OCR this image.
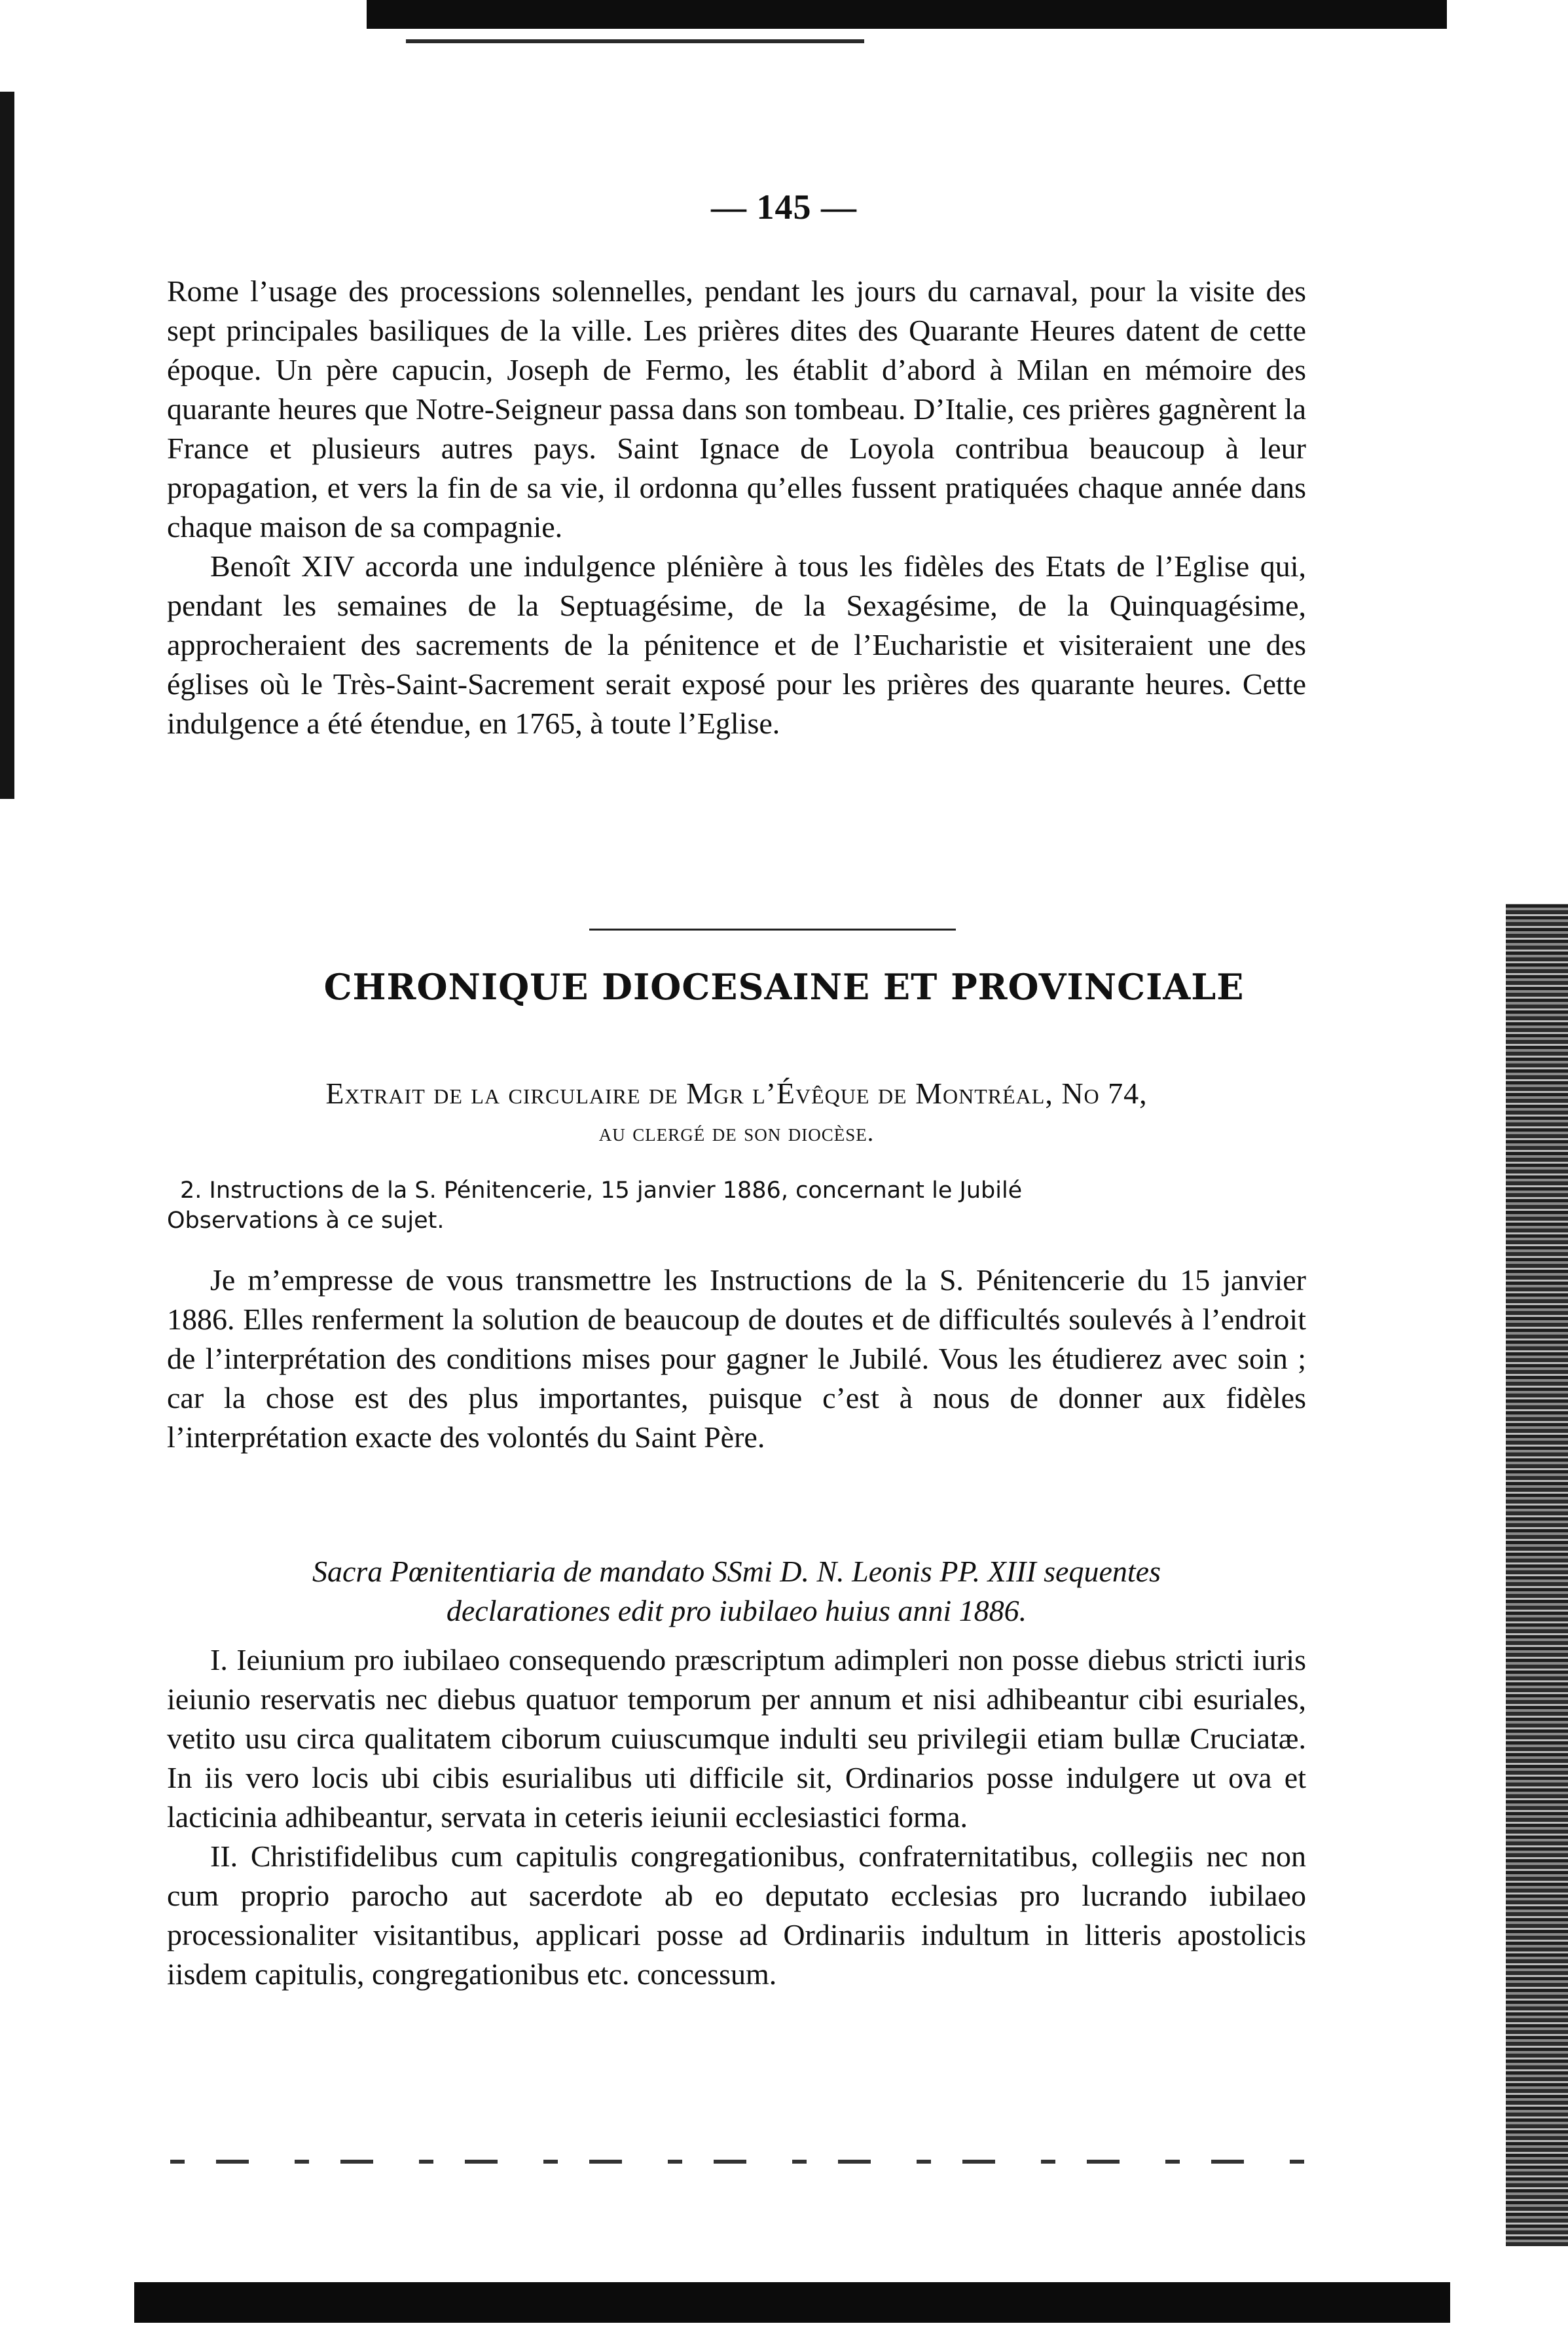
— 145 —

Rome l’usage des processions solennelles, pendant les jours du carnaval, pour la visite des sept principales basiliques de la ville. Les prières dites des Quarante Heures datent de cette époque. Un père capucin, Joseph de Fermo, les établit d’abord à Milan en mémoire des quarante heures que Notre-Seigneur passa dans son tombeau. D’Italie, ces prières gagnèrent la France et plusieurs autres pays. Saint Ignace de Loyola contribua beaucoup à leur propagation, et vers la fin de sa vie, il ordonna qu’elles fussent pratiquées chaque année dans chaque maison de sa compagnie.

Benoît XIV accorda une indulgence plénière à tous les fidèles des Etats de l’Eglise qui, pendant les semaines de la Septuagésime, de la Sexagésime, de la Quinquagésime, approcheraient des sacrements de la pénitence et de l’Eucharistie et visiteraient une des églises où le Très-Saint-Sacrement serait exposé pour les prières des quarante heures. Cette indulgence a été étendue, en 1765, à toute l’Eglise.

CHRONIQUE DIOCESAINE ET PROVINCIALE
Extrait de la circulaire de Mgr l’Évêque de Montréal, No 74,
au clergé de son diocèse.
2. Instructions de la S. Pénitencerie, 15 janvier 1886, concernant le Jubilé
Observations à ce sujet.

Je m’empresse de vous transmettre les Instructions de la S. Pénitencerie du 15 janvier 1886. Elles renferment la solution de beaucoup de doutes et de difficultés soulevés à l’endroit de l’interprétation des conditions mises pour gagner le Jubilé. Vous les étudierez avec soin ; car la chose est des plus importantes, puisque c’est à nous de donner aux fidèles l’interprétation exacte des volontés du Saint Père.

Sacra Pœnitentiaria de mandato SSmi D. N. Leonis PP. XIII sequentes
declarationes edit pro iubilaeo huius anni 1886.

I. Ieiunium pro iubilaeo consequendo præscriptum adimpleri non posse diebus stricti iuris ieiunio reservatis nec diebus quatuor temporum per annum et nisi adhibeantur cibi esuriales, vetito usu circa qualitatem ciborum cuiuscumque indulti seu privilegii etiam bullæ Cruciatæ. In iis vero locis ubi cibis esurialibus uti difficile sit, Ordinarios posse indulgere ut ova et lacticinia adhibeantur, servata in ceteris ieiunii ecclesiastici forma.

II. Christifidelibus cum capitulis congregationibus, confraternitatibus, collegiis nec non cum proprio parocho aut sacerdote ab eo deputato ecclesias pro lucrando iubilaeo processionaliter visitantibus, applicari posse ad Ordinariis indultum in litteris apostolicis iisdem capitulis, congregationibus etc. concessum.
